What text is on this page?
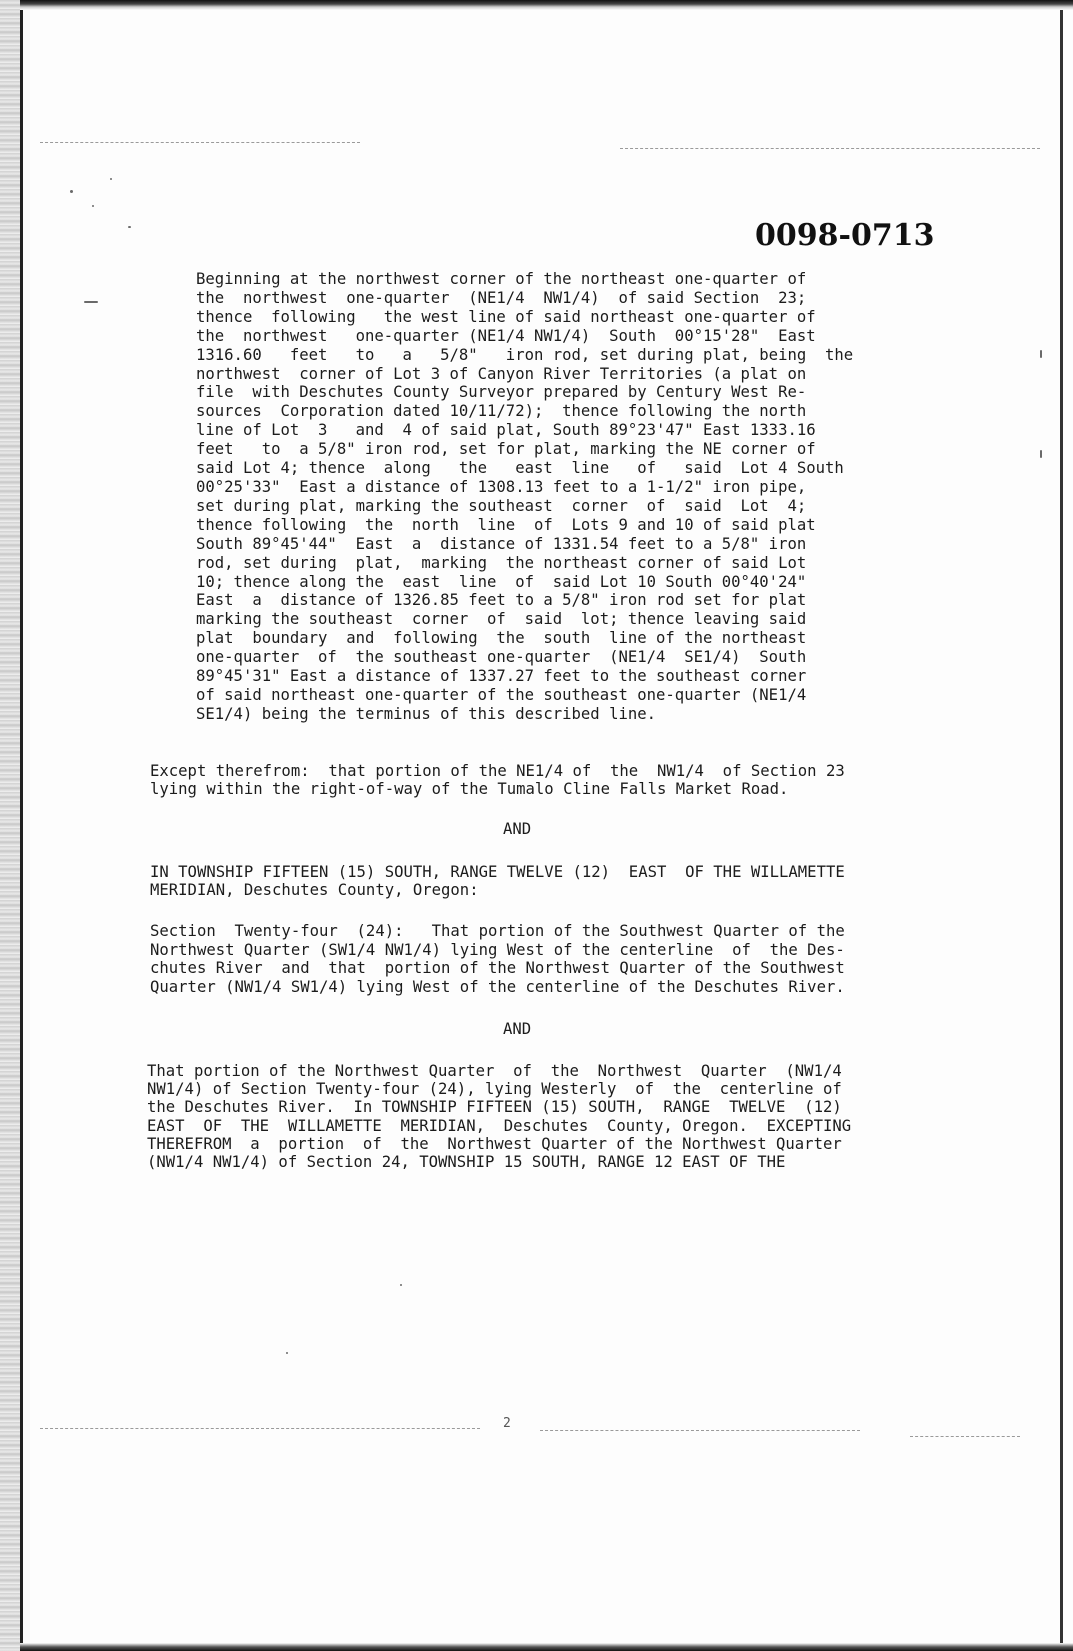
0098-0713

Beginning at the northwest corner of the northeast one-quarter of
the  northwest  one-quarter  (NE1/4  NW1/4)  of said Section  23;
thence  following   the west line of said northeast one-quarter of
the  northwest   one-quarter (NE1/4 NW1/4)  South  00°15'28"  East
1316.60   feet   to   a   5/8"   iron rod, set during plat, being  the
northwest  corner of Lot 3 of Canyon River Territories (a plat on
file  with Deschutes County Surveyor prepared by Century West Re-
sources  Corporation dated 10/11/72);  thence following the north
line of Lot  3   and  4 of said plat, South 89°23'47" East 1333.16
feet   to  a 5/8" iron rod, set for plat, marking the NE corner of
said Lot 4; thence  along   the   east  line   of   said  Lot 4 South
00°25'33"  East a distance of 1308.13 feet to a 1-1/2" iron pipe,
set during plat, marking the southeast  corner  of  said  Lot  4;
thence following  the  north  line  of  Lots 9 and 10 of said plat
South 89°45'44"  East  a  distance of 1331.54 feet to a 5/8" iron
rod, set during  plat,  marking  the northeast corner of said Lot
10; thence along the  east  line  of  said Lot 10 South 00°40'24"
East  a  distance of 1326.85 feet to a 5/8" iron rod set for plat
marking the southeast  corner  of  said  lot; thence leaving said
plat  boundary  and  following  the  south  line of the northeast
one-quarter  of  the southeast one-quarter  (NE1/4  SE1/4)  South
89°45'31" East a distance of 1337.27 feet to the southeast corner
of said northeast one-quarter of the southeast one-quarter (NE1/4
SE1/4) being the terminus of this described line.

Except therefrom:  that portion of the NE1/4 of  the  NW1/4  of Section 23
lying within the right-of-way of the Tumalo Cline Falls Market Road.

AND

IN TOWNSHIP FIFTEEN (15) SOUTH, RANGE TWELVE (12)  EAST  OF THE WILLAMETTE
MERIDIAN, Deschutes County, Oregon:

Section  Twenty-four  (24):   That portion of the Southwest Quarter of the
Northwest Quarter (SW1/4 NW1/4) lying West of the centerline  of  the Des-
chutes River  and  that  portion of the Northwest Quarter of the Southwest
Quarter (NW1/4 SW1/4) lying West of the centerline of the Deschutes River.

AND

That portion of the Northwest Quarter  of  the  Northwest  Quarter  (NW1/4
NW1/4) of Section Twenty-four (24), lying Westerly  of  the  centerline of
the Deschutes River.  In TOWNSHIP FIFTEEN (15) SOUTH,  RANGE  TWELVE  (12)
EAST  OF  THE  WILLAMETTE  MERIDIAN,  Deschutes  County, Oregon.  EXCEPTING
THEREFROM  a  portion  of  the  Northwest Quarter of the Northwest Quarter
(NW1/4 NW1/4) of Section 24, TOWNSHIP 15 SOUTH, RANGE 12 EAST OF THE

2
